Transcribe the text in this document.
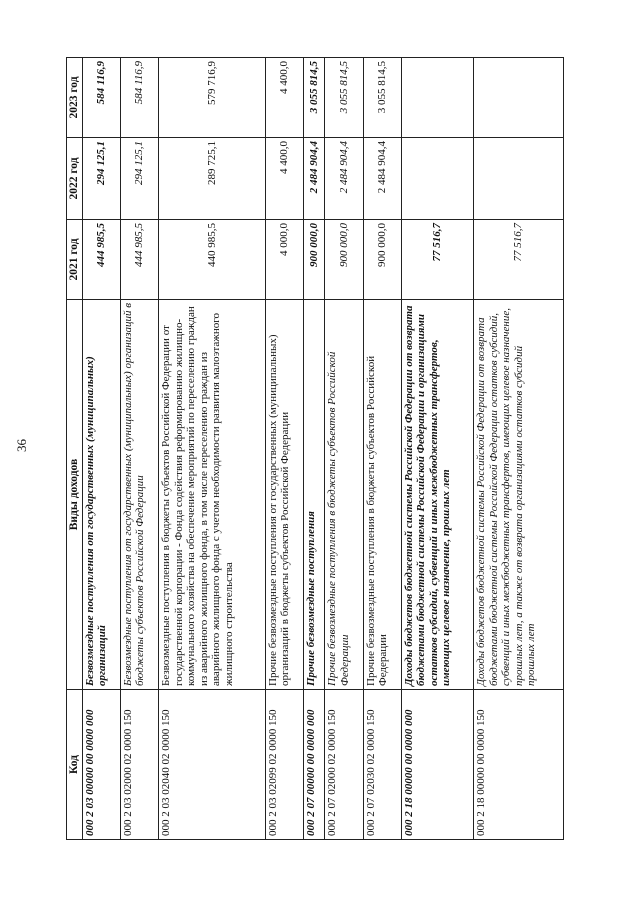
36
Код	Виды доходов	2021 год	2022 год	2023 год
000 2 03 00000 00 0000 000	Безвозмездные поступления от государственных (муниципальных) организаций	444 985,5	294 125,1	584 116,9
000 2 03 02000 02 0000 150	Безвозмездные поступления от государственных (муниципальных) организаций в бюджеты субъектов Российской Федерации	444 985,5	294 125,1	584 116,9
000 2 03 02040 02 0000 150	Безвозмездные поступления в бюджеты субъектов Российской Федерации от государственной корпорации - Фонда содействия реформированию жилищно-коммунального хозяйства на обеспечение мероприятий по переселению граждан из аварийного жилищного фонда, в том числе переселению граждан из аварийного жилищного фонда с учетом необходимости развития малоэтажного жилищного строительства	440 985,5	289 725,1	579 716,9
000 2 03 02099 02 0000 150	Прочие безвозмездные поступления от государственных (муниципальных) организаций в бюджеты субъектов Российской Федерации	4 000,0	4 400,0	4 400,0
000 2 07 00000 00 0000 000	Прочие безвозмездные поступления	900 000,0	2 484 904,4	3 055 814,5
000 2 07 02000 02 0000 150	Прочие безвозмездные поступления в бюджеты субъектов Российской Федерации	900 000,0	2 484 904,4	3 055 814,5
000 2 07 02030 02 0000 150	Прочие безвозмездные поступления в бюджеты субъектов Российской Федерации	900 000,0	2 484 904,4	3 055 814,5
000 2 18 00000 00 0000 000	Доходы бюджетов бюджетной системы Российской Федерации от возврата бюджетами бюджетной системы Российской Федерации и организациями остатков субсидий, субвенций и иных межбюджетных трансфертов, имеющих целевое назначение, прошлых лет	77 516,7		
000 2 18 00000 00 0000 150	Доходы бюджетов бюджетной системы Российской Федерации от возврата бюджетами бюджетной системы Российской Федерации остатков субсидий, субвенций и иных межбюджетных трансфертов, имеющих целевое назначение, прошлых лет, а также от возврата организациями остатков субсидий прошлых лет	77 516,7		
